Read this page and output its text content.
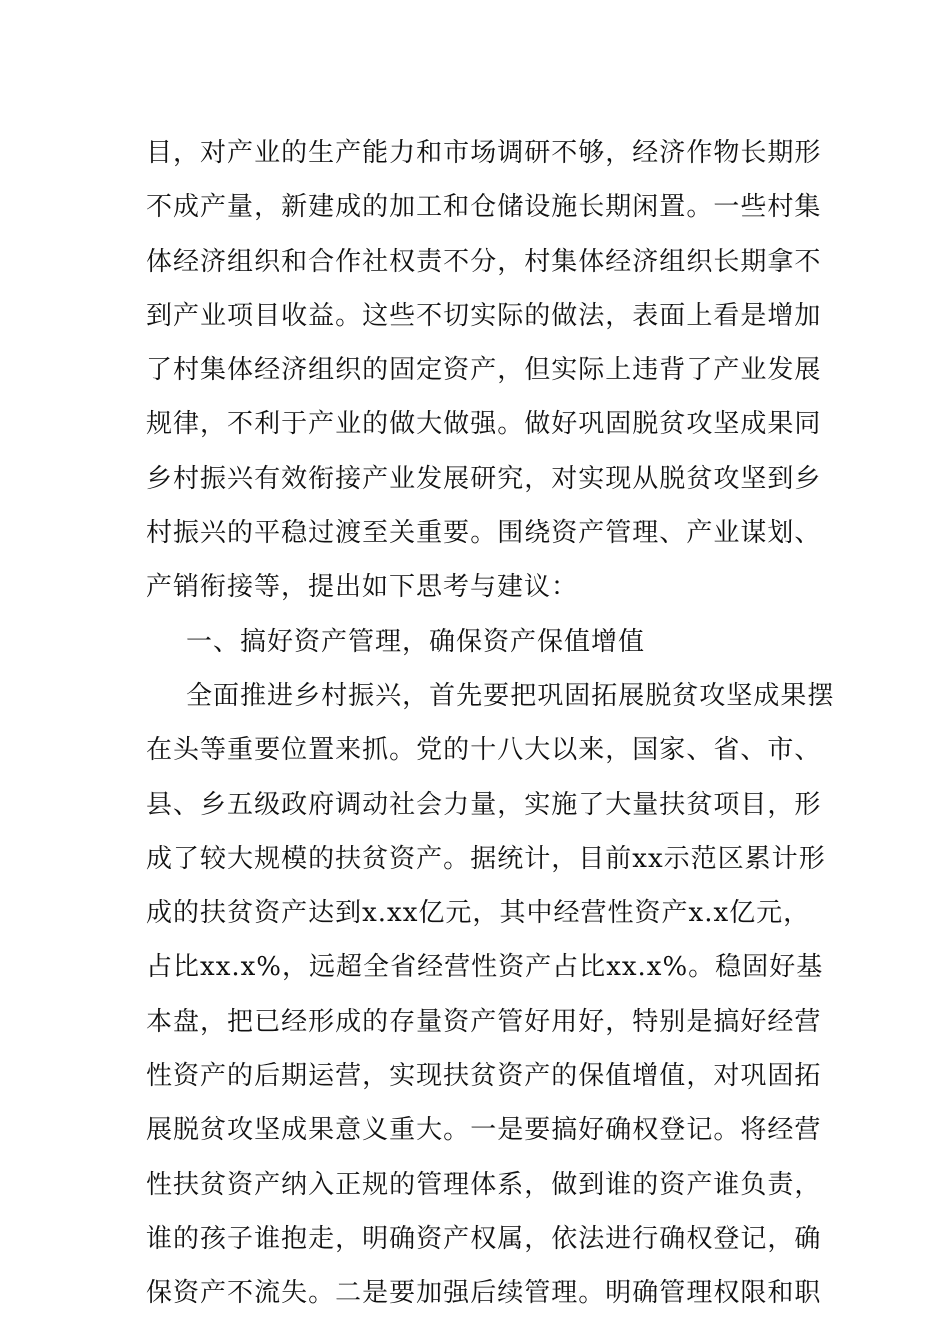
目 ， 对 产 业 的 生 产 能 力 和 市 场 调 研 不 够 ， 经 济 作 物 长 期 形
不 成 产 量 ， 新 建 成 的 加 工 和 仓 储 设 施 长 期 闲 置 。 一 些 村 集
体 经 济 组 织 和 合 作 社 权 责 不 分 ， 村 集 体 经 济 组 织 长 期 拿 不
到 产 业 项 目 收 益 。 这 些 不 切 实 际 的 做 法 ， 表 面 上 看 是 增 加
了 村 集 体 经 济 组 织 的 固 定 资 产 ， 但 实 际 上 违 背 了 产 业 发 展
规 律 ， 不 利 于 产 业 的 做 大 做 强 。 做 好 巩 固 脱 贫 攻 坚 成 果 同
乡 村 振 兴 有 效 衔 接 产 业 发 展 研 究 ， 对 实 现 从 脱 贫 攻 坚 到 乡
村 振 兴 的 平 稳 过 渡 至 关 重 要 。 围 绕 资 产 管 理 、 产 业 谋 划 、
产销衔接等，提出如下思考与建议：
一、搞好资产管理，确保资产保值增值
全 面 推 进 乡 村 振 兴 ， 首 先 要 把 巩 固 拓 展 脱 贫 攻 坚 成 果 摆
在 头 等 重 要 位 置 来 抓 。 党 的 十 八 大 以 来 ， 国 家 、 省 、 市 、
县 、 乡 五 级 政 府 调 动 社 会 力 量 ， 实 施 了 大 量 扶 贫 项 目 ， 形
成 了 较 大 规 模 的 扶 贫 资 产 。 据 统 计 ， 目 前 xx 示 范 区 累 计 形
成 的 扶 贫 资 产 达 到 x.xx 亿 元 ， 其 中 经 营 性 资 产 x.x 亿 元 ，
占 比 xx.x% ， 远 超 全 省 经 营 性 资 产 占 比 xx.x% 。 稳 固 好 基
本 盘 ， 把 已 经 形 成 的 存 量 资 产 管 好 用 好 ， 特 别 是 搞 好 经 营
性 资 产 的 后 期 运 营 ， 实 现 扶 贫 资 产 的 保 值 增 值 ， 对 巩 固 拓
展 脱 贫 攻 坚 成 果 意 义 重 大 。 一 是 要 搞 好 确 权 登 记 。 将 经 营
性 扶 贫 资 产 纳 入 正 规 的 管 理 体 系 ， 做 到 谁 的 资 产 谁 负 责 ，
谁 的 孩 子 谁 抱 走 ， 明 确 资 产 权 属 ， 依 法 进 行 确 权 登 记 ， 确
保 资 产 不 流 失 。 二 是 要 加 强 后 续 管 理 。 明 确 管 理 权 限 和 职
